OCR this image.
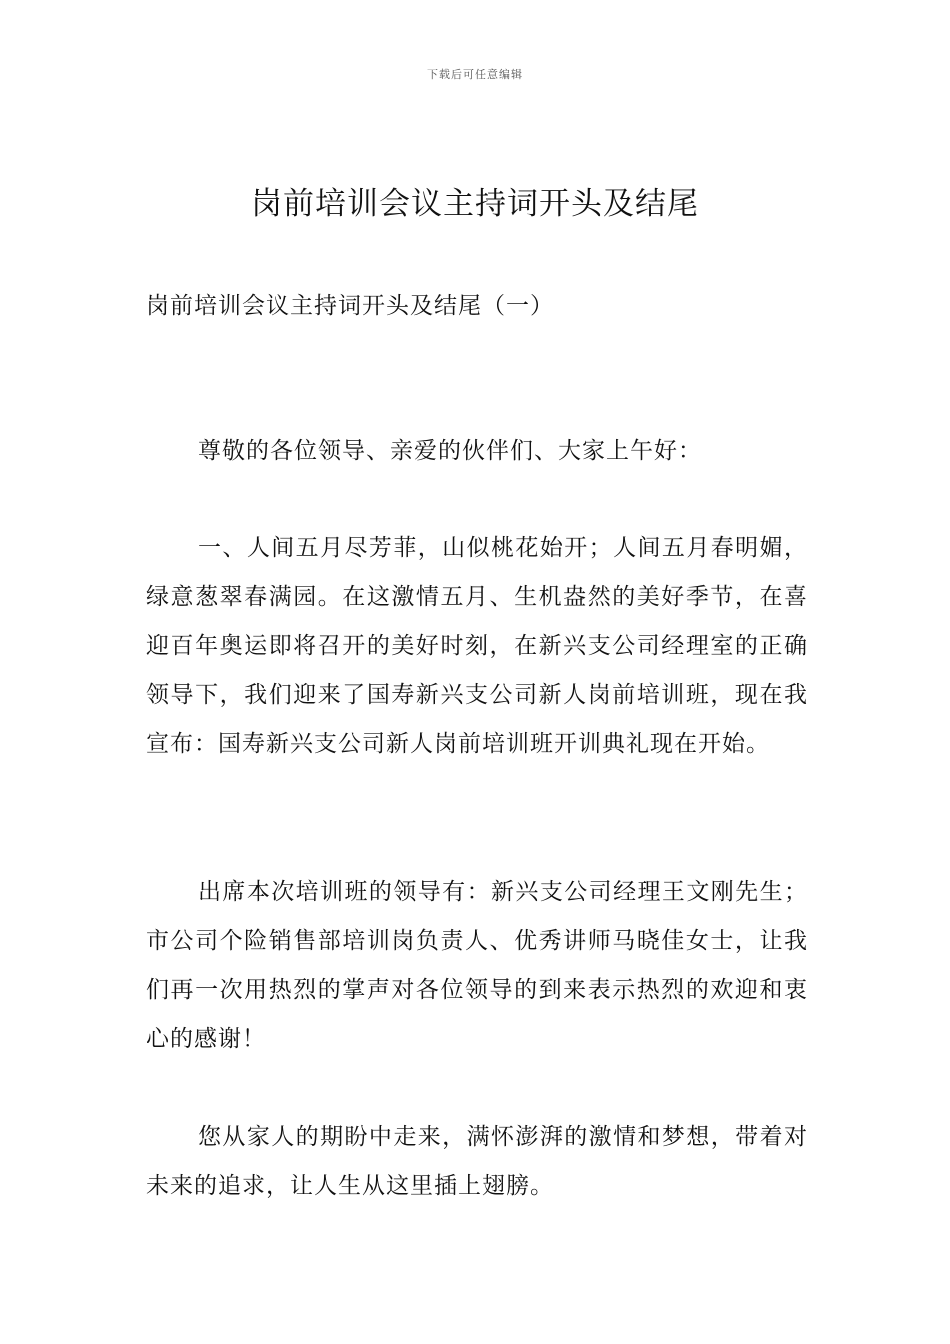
下载后可任意编辑
岗前培训会议主持词开头及结尾

岗前培训会议主持词开头及结尾（一）

尊敬的各位领导、亲爱的伙伴们、大家上午好：

一、人间五月尽芳菲，山似桃花始开；人间五月春明媚，绿意葱翠春满园。在这激情五月、生机盎然的美好季节，在喜迎百年奥运即将召开的美好时刻，在新兴支公司经理室的正确领导下，我们迎来了国寿新兴支公司新人岗前培训班，现在我宣布：国寿新兴支公司新人岗前培训班开训典礼现在开始。

出席本次培训班的领导有：新兴支公司经理王文刚先生；市公司个险销售部培训岗负责人、优秀讲师马晓佳女士，让我们再一次用热烈的掌声对各位领导的到来表示热烈的欢迎和衷心的感谢！

您从家人的期盼中走来，满怀澎湃的激情和梦想，带着对未来的追求，让人生从这里插上翅膀。
